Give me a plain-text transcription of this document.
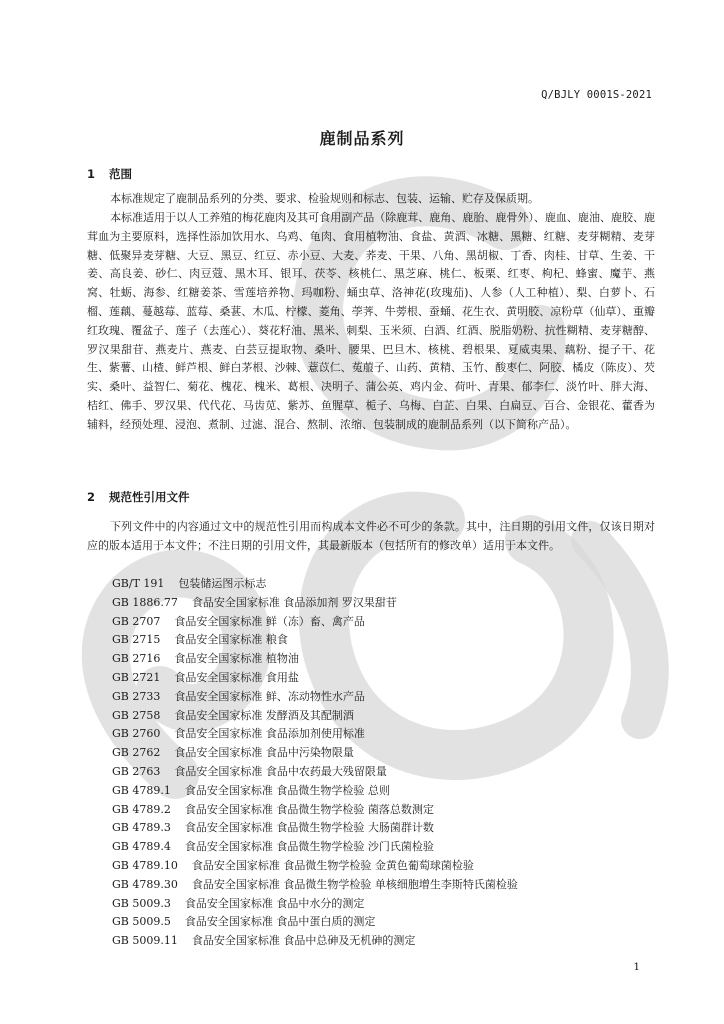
Q/BJLY 0001S-2021
鹿制品系列
1 范围

本标准规定了鹿制品系列的分类、要求、检验规则和标志、包装、运输、贮存及保质期。

本标准适用于以人工养殖的梅花鹿肉及其可食用副产品（除鹿茸、鹿角、鹿胎、鹿骨外）、鹿血、鹿油、鹿胶、鹿茸血为主要原料，选择性添加饮用水、乌鸡、龟肉、食用植物油、食盐、黄酒、冰糖、黑糖、红糖、麦芽糊精、麦芽糖、低聚异麦芽糖、大豆、黑豆、红豆、赤小豆、大麦、荞麦、干果、八角、黑胡椒、丁香、肉桂、甘草、生姜、干姜、高良姜、砂仁、肉豆蔻、黑木耳、银耳、茯苓、核桃仁、黑芝麻、桃仁、板栗、红枣、枸杞、蜂蜜、魔芋、燕窝、牡蛎、海参、红糖姜茶、雪莲培养物、玛咖粉、蛹虫草、洛神花(玫瑰茄)、人参（人工种植）、梨、白萝卜、石榴、莲藕、蔓越莓、蓝莓、桑葚、木瓜、柠檬、菱角、荸荠、牛蒡根、蚕蛹、花生衣、黄明胶、凉粉草（仙草）、重瓣红玫瑰、覆盆子、莲子（去莲心）、葵花籽油、黑米、刺梨、玉米须、白酒、红酒、脱脂奶粉、抗性糊精、麦芽糖醇、罗汉果甜苷、燕麦片、燕麦、白芸豆提取物、桑叶、腰果、巴旦木、核桃、碧根果、夏威夷果、藕粉、提子干、花生、紫薯、山楂、鲜芦根、鲜白茅根、沙棘、薏苡仁、菟菔子、山药、黄精、玉竹、酸枣仁、阿胶、橘皮（陈皮）、芡实、桑叶、益智仁、菊花、槐花、槐米、葛根、决明子、蒲公英、鸡内金、荷叶、青果、郁李仁、淡竹叶、胖大海、桔红、佛手、罗汉果、代代花、马齿苋、紫苏、鱼腥草、栀子、乌梅、白芷、白果、白扁豆、百合、金银花、藿香为辅料，经预处理、浸泡、煮制、过滤、混合、熬制、浓缩、包装制成的鹿制品系列（以下简称产品）。

2 规范性引用文件

下列文件中的内容通过文中的规范性引用而构成本文件必不可少的条款。其中，注日期的引用文件，仅该日期对应的版本适用于本文件；不注日期的引用文件，其最新版本（包括所有的修改单）适用于本文件。

GB/T 191 包装储运图示标志
GB 1886.77 食品安全国家标准 食品添加剂 罗汉果甜苷
GB 2707 食品安全国家标准 鲜（冻）畜、禽产品
GB 2715 食品安全国家标准 粮食
GB 2716 食品安全国家标准 植物油
GB 2721 食品安全国家标准 食用盐
GB 2733 食品安全国家标准 鲜、冻动物性水产品
GB 2758 食品安全国家标准 发酵酒及其配制酒
GB 2760 食品安全国家标准 食品添加剂使用标准
GB 2762 食品安全国家标准 食品中污染物限量
GB 2763 食品安全国家标准 食品中农药最大残留限量
GB 4789.1 食品安全国家标准 食品微生物学检验 总则
GB 4789.2 食品安全国家标准 食品微生物学检验 菌落总数测定
GB 4789.3 食品安全国家标准 食品微生物学检验 大肠菌群计数
GB 4789.4 食品安全国家标准 食品微生物学检验 沙门氏菌检验
GB 4789.10 食品安全国家标准 食品微生物学检验 金黄色葡萄球菌检验
GB 4789.30 食品安全国家标准 食品微生物学检验 单核细胞增生李斯特氏菌检验
GB 5009.3 食品安全国家标准 食品中水分的测定
GB 5009.5 食品安全国家标准 食品中蛋白质的测定
GB 5009.11 食品安全国家标准 食品中总砷及无机砷的测定
1
